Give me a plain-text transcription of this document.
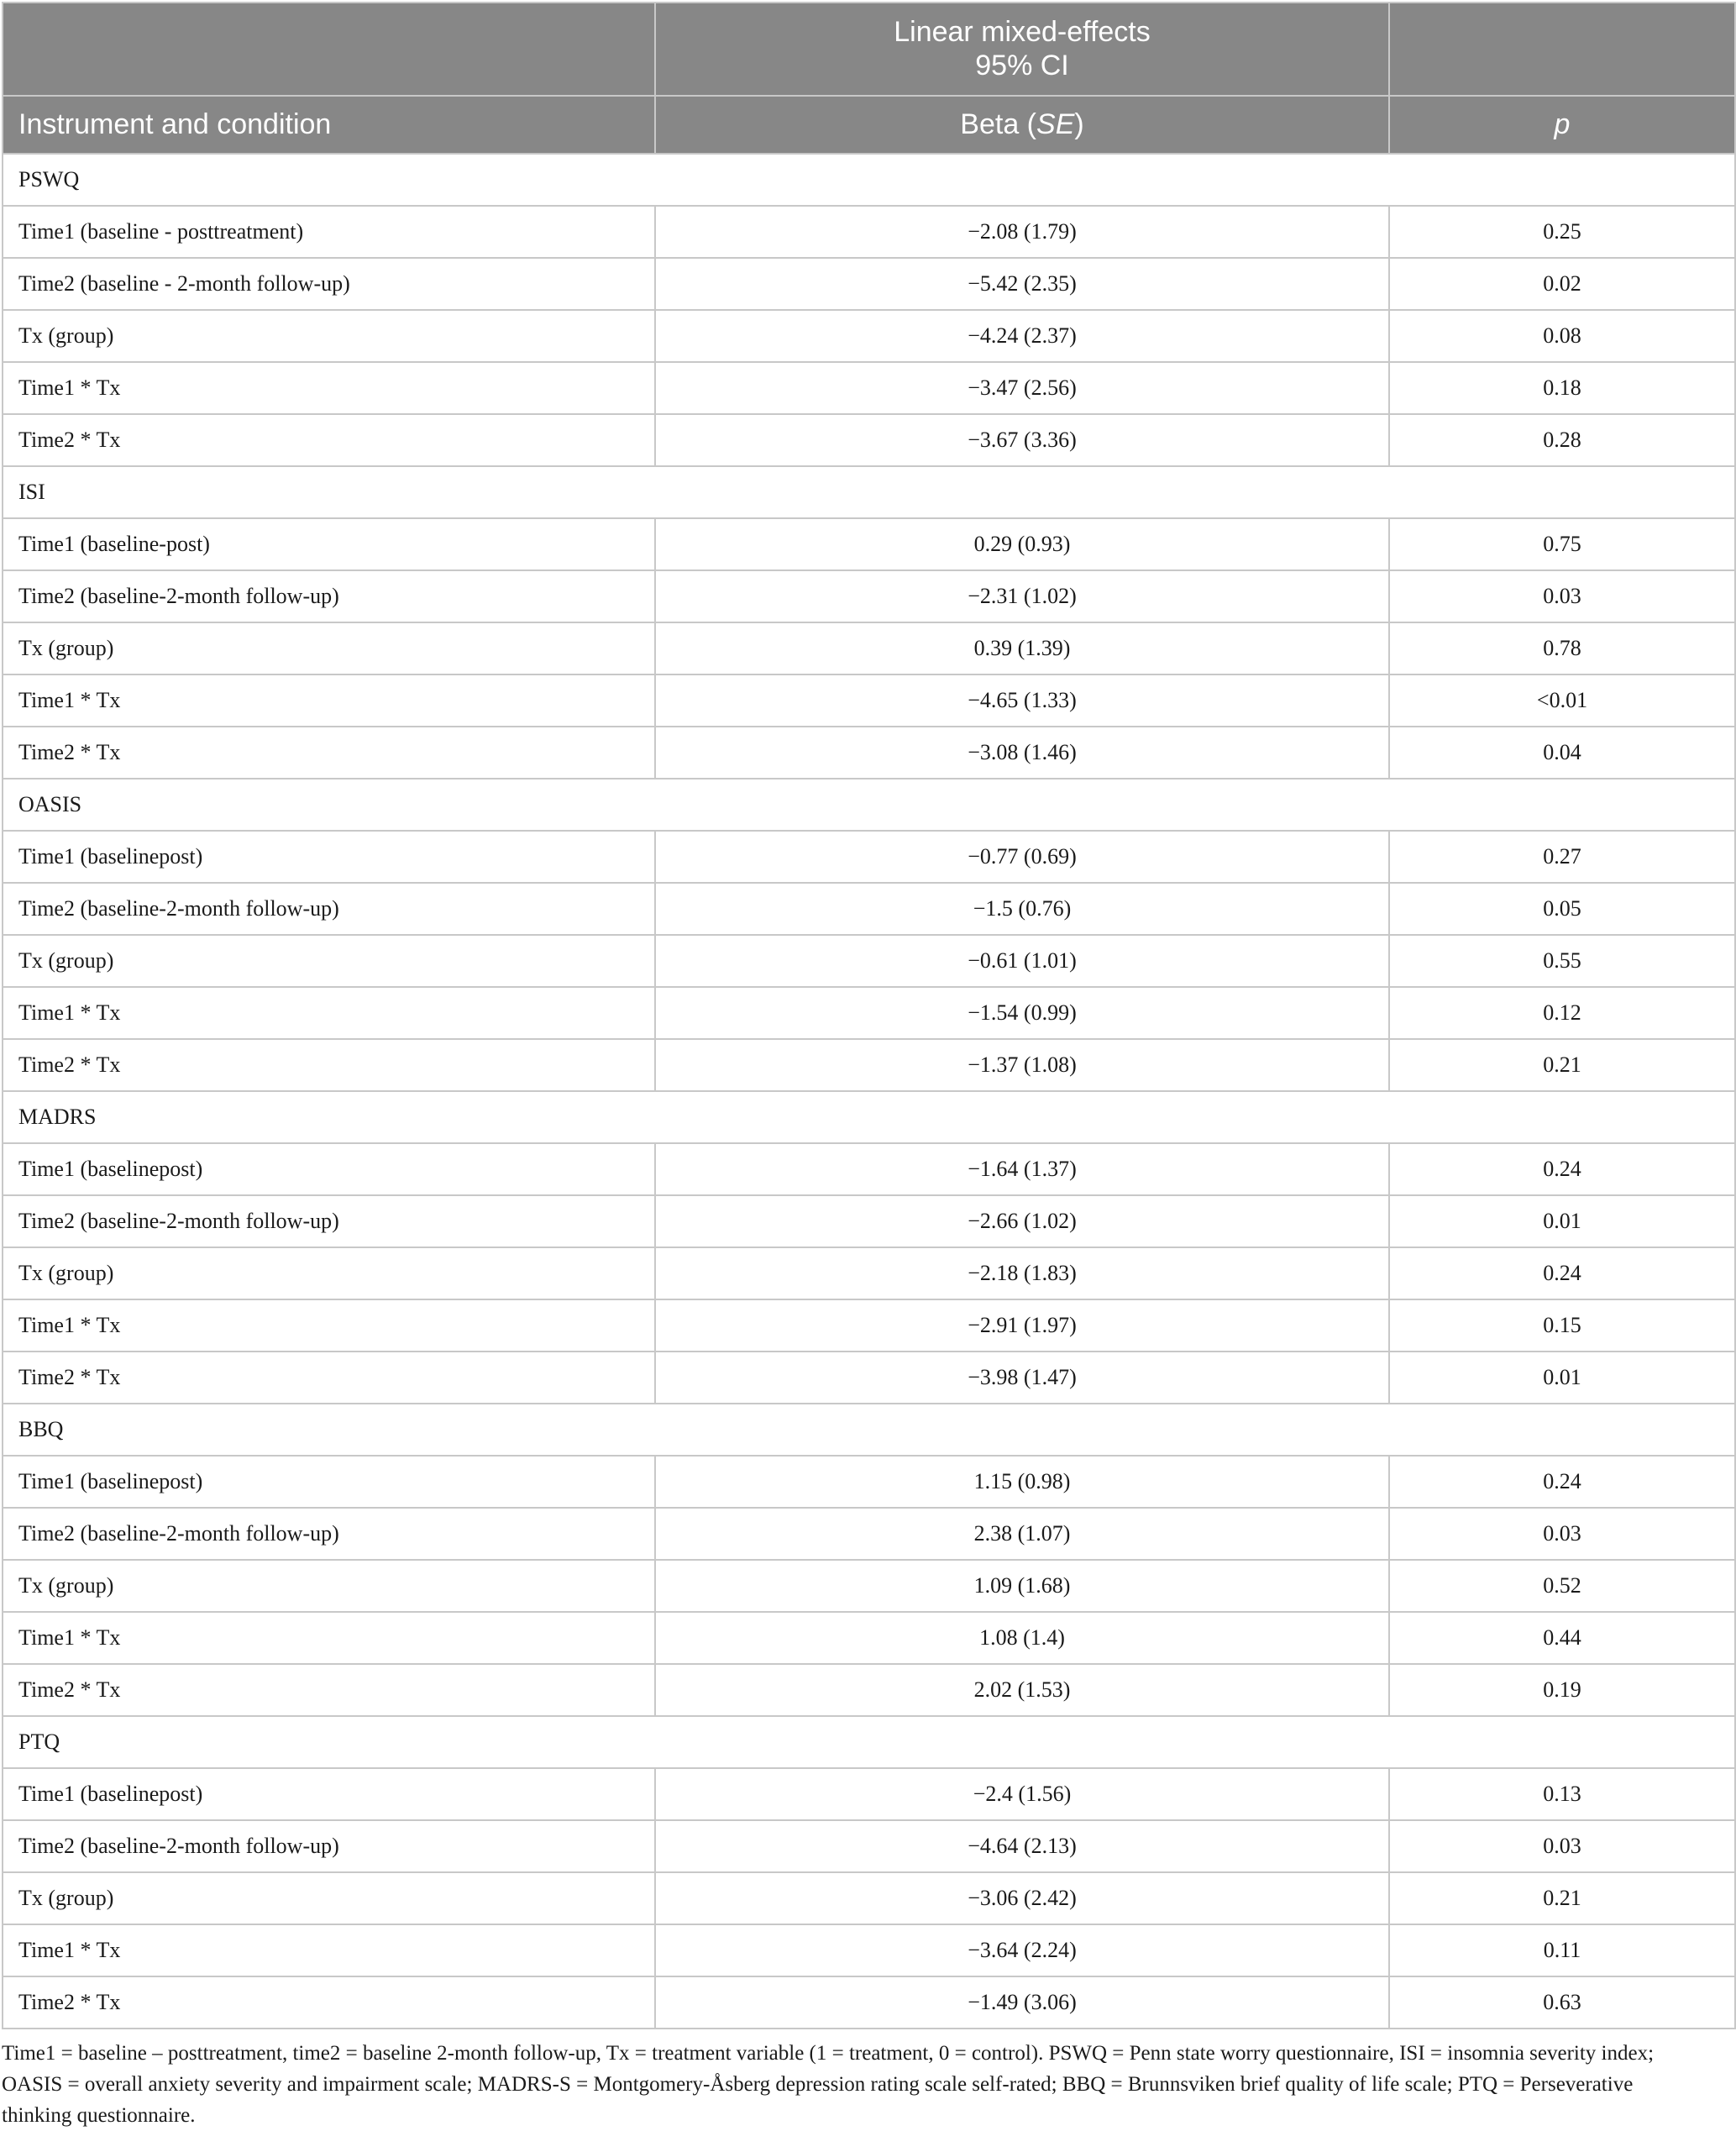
	Linear mixed-effects
95% CI	

Instrument and condition	Beta (SE)	p
PSWQ		
Time1 (baseline - posttreatment)	−2.08 (1.79)	0.25
Time2 (baseline - 2-month follow-up)	−5.42 (2.35)	0.02
Tx (group)	−4.24 (2.37)	0.08
Time1 * Tx	−3.47 (2.56)	0.18
Time2 * Tx	−3.67 (3.36)	0.28
ISI		
Time1 (baseline-post)	0.29 (0.93)	0.75
Time2 (baseline-2-month follow-up)	−2.31 (1.02)	0.03
Tx (group)	0.39 (1.39)	0.78
Time1 * Tx	−4.65 (1.33)	<0.01
Time2 * Tx	−3.08 (1.46)	0.04
OASIS		
Time1 (baselinepost)	−0.77 (0.69)	0.27
Time2 (baseline-2-month follow-up)	−1.5 (0.76)	0.05
Tx (group)	−0.61 (1.01)	0.55
Time1 * Tx	−1.54 (0.99)	0.12
Time2 * Tx	−1.37 (1.08)	0.21
MADRS		
Time1 (baselinepost)	−1.64 (1.37)	0.24
Time2 (baseline-2-month follow-up)	−2.66 (1.02)	0.01
Tx (group)	−2.18 (1.83)	0.24
Time1 * Tx	−2.91 (1.97)	0.15
Time2 * Tx	−3.98 (1.47)	0.01
BBQ		
Time1 (baselinepost)	1.15 (0.98)	0.24
Time2 (baseline-2-month follow-up)	2.38 (1.07)	0.03
Tx (group)	1.09 (1.68)	0.52
Time1 * Tx	1.08 (1.4)	0.44
Time2 * Tx	2.02 (1.53)	0.19
PTQ		
Time1 (baselinepost)	−2.4 (1.56)	0.13
Time2 (baseline-2-month follow-up)	−4.64 (2.13)	0.03
Tx (group)	−3.06 (2.42)	0.21
Time1 * Tx	−3.64 (2.24)	0.11
Time2 * Tx	−1.49 (3.06)	0.63
Time1 = baseline – posttreatment, time2 = baseline 2-month follow-up, Tx = treatment variable (1 = treatment, 0 = control). PSWQ = Penn state worry questionnaire, ISI = insomnia severity index; OASIS = overall anxiety severity and impairment scale; MADRS-S = Montgomery-Åsberg depression rating scale self-rated; BBQ = Brunnsviken brief quality of life scale; PTQ = Perseverative thinking questionnaire.
